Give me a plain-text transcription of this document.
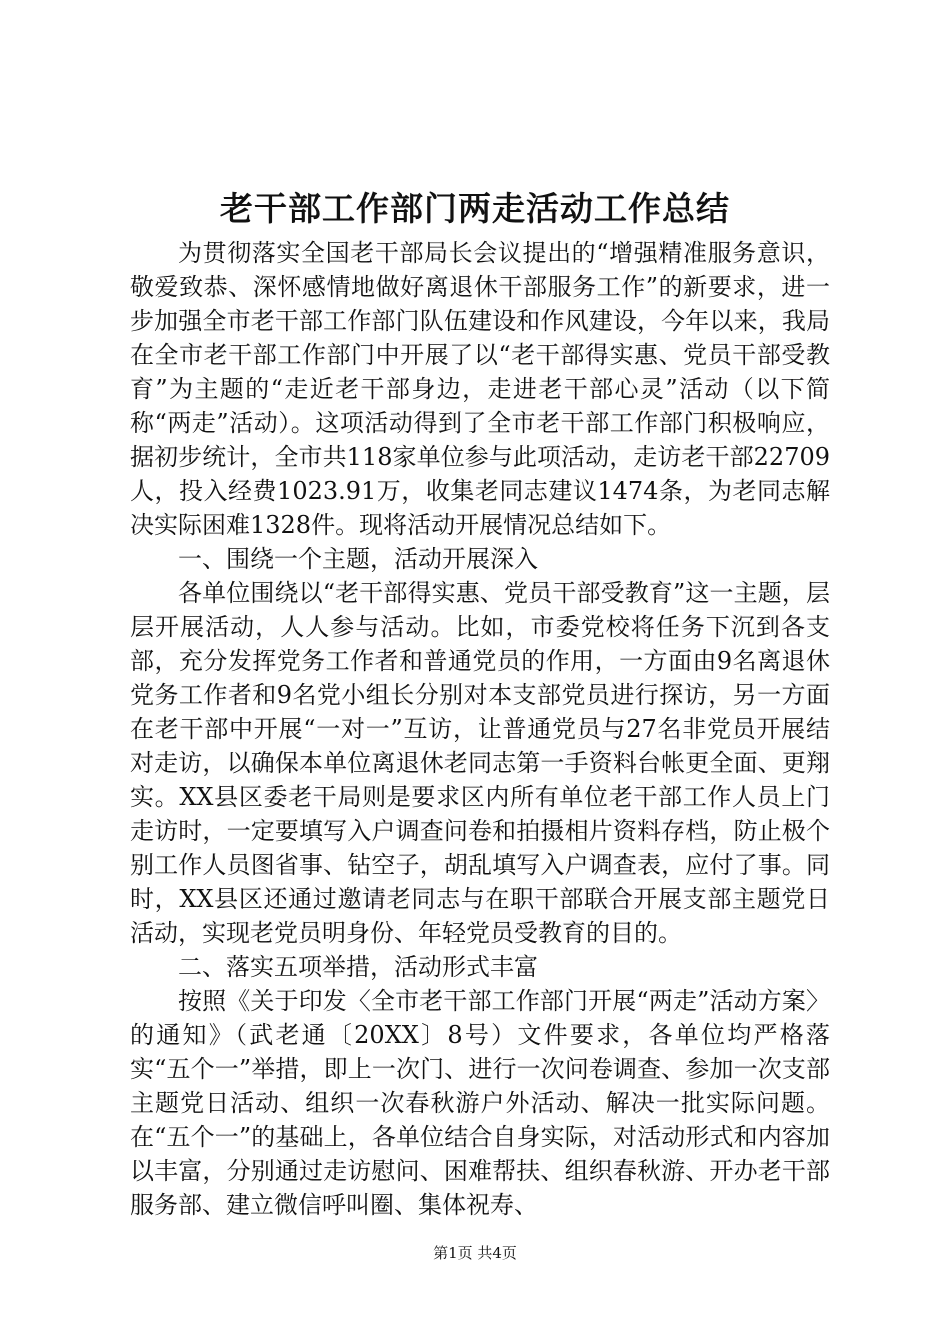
老干部工作部门两走活动工作总结

为贯彻落实全国老干部局长会议提出的“增强精准服务意识，敬爱致恭、深怀感情地做好离退休干部服务工作”的新要求，进一步加强全市老干部工作部门队伍建设和作风建设，今年以来，我局在全市老干部工作部门中开展了以“老干部得实惠、党员干部受教育”为主题的“走近老干部身边，走进老干部心灵”活动（以下简称“两走”活动）。这项活动得到了全市老干部工作部门积极响应，据初步统计，全市共118家单位参与此项活动，走访老干部22709人，投入经费1023.91万，收集老同志建议1474条，为老同志解决实际困难1328件。现将活动开展情况总结如下。

一、围绕一个主题，活动开展深入

各单位围绕以“老干部得实惠、党员干部受教育”这一主题，层层开展活动，人人参与活动。比如，市委党校将任务下沉到各支部，充分发挥党务工作者和普通党员的作用，一方面由9名离退休党务工作者和9名党小组长分别对本支部党员进行探访，另一方面在老干部中开展“一对一”互访，让普通党员与27名非党员开展结对走访，以确保本单位离退休老同志第一手资料台帐更全面、更翔实。XX县区委老干局则是要求区内所有单位老干部工作人员上门走访时，一定要填写入户调查问卷和拍摄相片资料存档，防止极个别工作人员图省事、钻空子，胡乱填写入户调查表，应付了事。同时，XX县区还通过邀请老同志与在职干部联合开展支部主题党日活动，实现老党员明身份、年轻党员受教育的目的。

二、落实五项举措，活动形式丰富

按照《关于印发〈全市老干部工作部门开展“两走”活动方案〉的通知》（武老通〔20XX〕8号）文件要求，各单位均严格落实“五个一”举措，即上一次门、进行一次问卷调查、参加一次支部主题党日活动、组织一次春秋游户外活动、解决一批实际问题。在“五个一”的基础上，各单位结合自身实际，对活动形式和内容加以丰富，分别通过走访慰问、困难帮扶、组织春秋游、开办老干部服务部、建立微信呼叫圈、集体祝寿、

第1页 共4页
